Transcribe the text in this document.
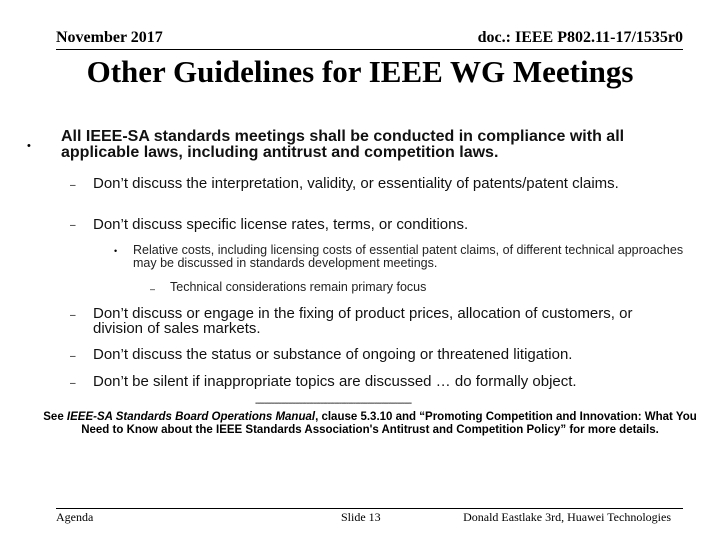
November 2017	doc.: IEEE P802.11-17/1535r0
Other Guidelines for IEEE WG Meetings
•
All IEEE-SA standards meetings shall be conducted in compliance with all applicable laws, including antitrust and competition laws.
– Don’t discuss the interpretation, validity, or essentiality of patents/patent claims.
– Don’t discuss specific license rates, terms, or conditions.
• Relative costs, including licensing costs of essential patent claims, of different technical approaches may be discussed in standards development meetings.
– Technical considerations remain primary focus
– Don’t discuss or engage in the fixing of product prices, allocation of customers, or division of sales markets.
– Don’t discuss the status or substance of ongoing or threatened litigation.
– Don’t be silent if inappropriate topics are discussed … do formally object.
-------------------------------------------------------------------
See IEEE-SA Standards Board Operations Manual, clause 5.3.10 and “Promoting Competition and Innovation: What You Need to Know about the IEEE Standards Association's Antitrust and Competition Policy” for more details.
Agenda	Slide 13	Donald Eastlake 3rd, Huawei Technologies
